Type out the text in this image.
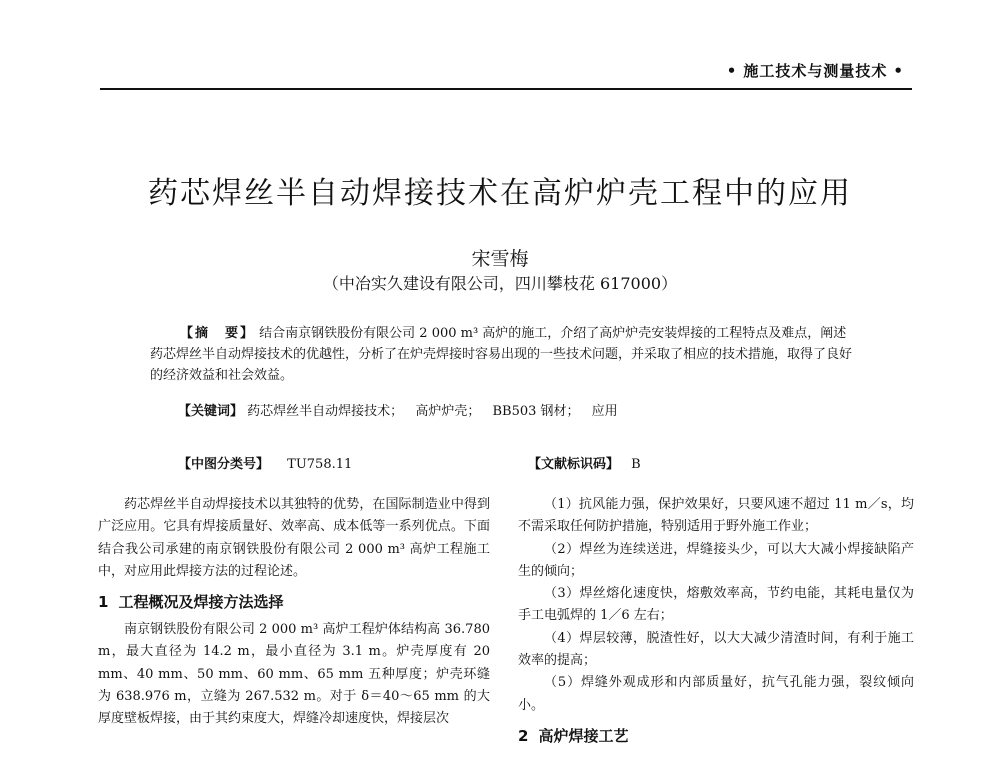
• 施工技术与测量技术 •
药芯焊丝半自动焊接技术在高炉炉壳工程中的应用
宋雪梅
（中冶实久建设有限公司，四川攀枝花 617000）
【摘　要】 结合南京钢铁股份有限公司 2 000 m³ 高炉的施工，介绍了高炉炉壳安装焊接的工程特点及难点，阐述药芯焊丝半自动焊接技术的优越性，分析了在炉壳焊接时容易出现的一些技术问题，并采取了相应的技术措施，取得了良好的经济效益和社会效益。
【关键词】 药芯焊丝半自动焊接技术； 高炉炉壳； BB503 钢材； 应用
【中图分类号】 TU758.11	【文献标识码】 B

药芯焊丝半自动焊接技术以其独特的优势，在国际制造业中得到广泛应用。它具有焊接质量好、效率高、成本低等一系列优点。下面结合我公司承建的南京钢铁股份有限公司 2 000 m³ 高炉工程施工中，对应用此焊接方法的过程论述。

1 工程概况及焊接方法选择

南京钢铁股份有限公司 2 000 m³ 高炉工程炉体结构高 36.780 m，最大直径为 14.2 m，最小直径为 3.1 m。炉壳厚度有 20 mm、40 mm、50 mm、60 mm、65 mm 五种厚度；炉壳环缝为 638.976 m，立缝为 267.532 m。对于 δ＝40～65 mm 的大厚度壁板焊接，由于其约束度大，焊缝冷却速度快，焊接层次

（1）抗风能力强，保护效果好，只要风速不超过 11 m／s，均不需采取任何防护措施，特别适用于野外施工作业；

（2）焊丝为连续送进，焊缝接头少，可以大大减小焊接缺陷产生的倾向；

（3）焊丝熔化速度快，熔敷效率高，节约电能，其耗电量仅为手工电弧焊的 1／6 左右；

（4）焊层较薄，脱渣性好，以大大减少清渣时间，有利于施工效率的提高；

（5）焊缝外观成形和内部质量好，抗气孔能力强，裂纹倾向小。

2 高炉焊接工艺
